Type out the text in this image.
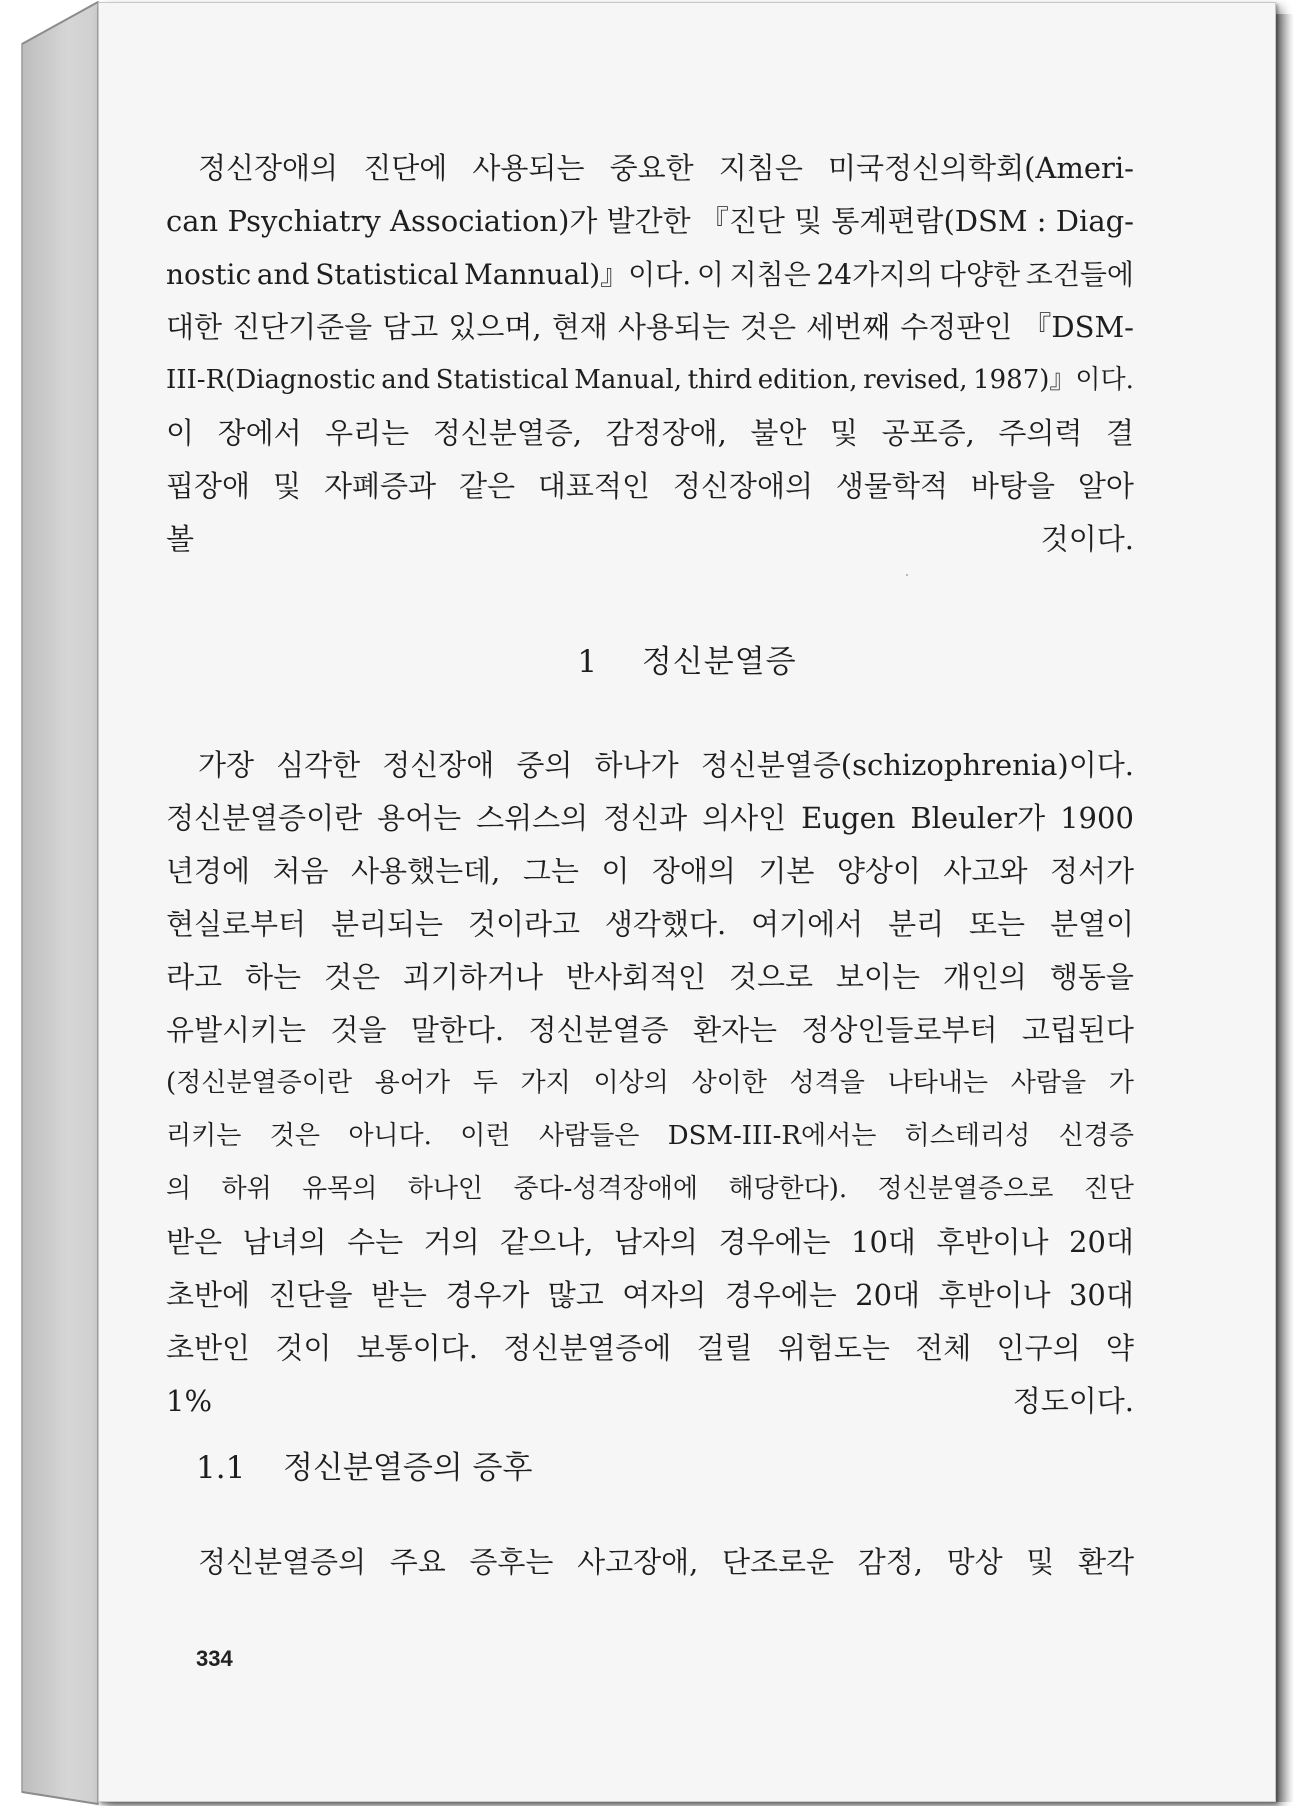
정신장애의 진단에 사용되는 중요한 지침은 미국정신의학회(Ameri-
can Psychiatry Association)가 발간한 『진단 및 통계편람(DSM : Diag-
nostic and Statistical Mannual)』이다. 이 지침은 24가지의 다양한 조건들에
대한 진단기준을 담고 있으며, 현재 사용되는 것은 세번째 수정판인 『DSM-
III-R(Diagnostic and Statistical Manual, third edition, revised, 1987)』이다.
이 장에서 우리는 정신분열증, 감정장애, 불안 및 공포증, 주의력 결
핍장애 및 자폐증과 같은 대표적인 정신장애의 생물학적 바탕을 알아
볼 것이다.
1 정신분열증
가장 심각한 정신장애 중의 하나가 정신분열증(schizophrenia)이다.
정신분열증이란 용어는 스위스의 정신과 의사인 Eugen Bleuler가 1900
년경에 처음 사용했는데, 그는 이 장애의 기본 양상이 사고와 정서가
현실로부터 분리되는 것이라고 생각했다. 여기에서 분리 또는 분열이
라고 하는 것은 괴기하거나 반사회적인 것으로 보이는 개인의 행동을
유발시키는 것을 말한다. 정신분열증 환자는 정상인들로부터 고립된다
(정신분열증이란 용어가 두 가지 이상의 상이한 성격을 나타내는 사람을 가
리키는 것은 아니다. 이런 사람들은 DSM-III-R에서는 히스테리성 신경증
의 하위 유목의 하나인 중다-성격장애에 해당한다). 정신분열증으로 진단
받은 남녀의 수는 거의 같으나, 남자의 경우에는 10대 후반이나 20대
초반에 진단을 받는 경우가 많고 여자의 경우에는 20대 후반이나 30대
초반인 것이 보통이다. 정신분열증에 걸릴 위험도는 전체 인구의 약
1% 정도이다.
1.1 정신분열증의 증후
정신분열증의 주요 증후는 사고장애, 단조로운 감정, 망상 및 환각
334
